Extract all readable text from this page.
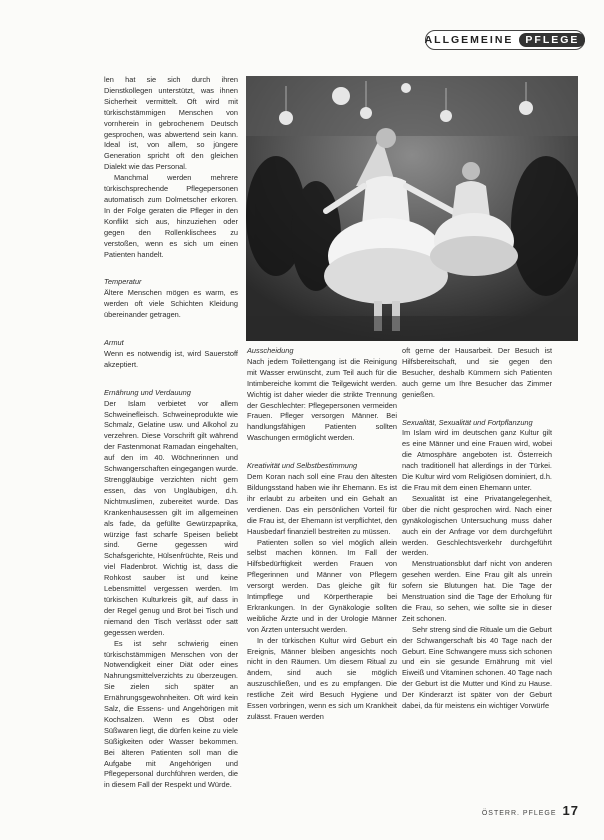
ALLGEMEINE	PFLEGE

len hat sie sich durch ihren Dienstkollegen unterstützt, was ihnen Sicherheit vermittelt. Oft wird mit türkischstämmigen Menschen von vornherein in gebrochenem Deutsch gesprochen, was abwertend sein kann. Ideal ist, von allem, so jüngere Generation spricht oft den gleichen Dialekt wie das Personal.

Manchmal werden mehrere türkischsprechende Pflegepersonen automatisch zum Dolmetscher erkoren. In der Folge geraten die Pfleger in den Konflikt sich aus, hinzuziehen oder gegen den Rollenklischees zu verstoßen, wenn es sich um einen Patienten handelt.

Temperatur

Ältere Menschen mögen es warm, es werden oft viele Schichten Kleidung übereinander getragen.

Armut

Wenn es notwendig ist, wird Sauerstoff akzeptiert.

Ernährung und Verdauung

Der Islam verbietet vor allem Schweinefleisch. Schweineprodukte wie Schmalz, Gelatine usw. und Alkohol zu verzehren. Diese Vorschrift gilt während der Fastenmonat Ramadan eingehalten, auf den im 40. Wöchnerinnen und Schwangerschaften eingegangen wurde. Strenggläubige verzichten nicht gern essen, das von Ungläubigen, d.h. Nichtmuslimen, zubereitet wurde. Das Krankenhausessen gilt im allgemeinen als fade, da gefüllte Gewürzpaprika, würzige fast scharfe Speisen beliebt sind. Gerne gegessen wird Schafsgerichte, Hülsenfrüchte, Reis und viel Fladenbrot. Wichtig ist, dass die Rohkost sauber ist und keine Lebensmittel vergessen werden. Im türkischen Kulturkreis gilt, auf dass in der Regel genug und Brot bei Tisch und niemand den Tisch verlässt oder satt gegessen werden.

Es ist sehr schwierig einen türkischstämmigen Menschen von der Notwendigkeit einer Diät oder eines Nahrungsmittelverzichts zu überzeugen. Sie zielen sich später an Ernährungsgewohnheiten. Oft wird kein Salz, die Essens- und Angehörigen mit Kochsalzen. Wenn es Obst oder Süßwaren liegt, die dürfen keine zu viele Süßigkeiten oder Wasser bekommen. Bei älteren Patienten soll man die Aufgabe mit Angehörigen und Pflegepersonal durchführen werden, die in diesem Fall der Respekt und Würde.

Ausscheidung

Nach jedem Toilettengang ist die Reinigung mit Wasser erwünscht, zum Teil auch für die Intimbereiche kommt die Teilgewicht werden. Wichtig ist daher wieder die strikte Trennung der Geschlechter: Pflegepersonen vermeiden Frauen. Pfleger versorgen Männer. Bei handlungsfähigen Patienten sollten Waschungen ermöglicht werden.

Kreativität und Selbstbestimmung

Dem Koran nach soll eine Frau den ältesten Bildungsstand haben wie ihr Ehemann. Es ist ihr erlaubt zu arbeiten und ein Gehalt an verdienen. Das ein persönlichen Vorteil für die Frau ist, der Ehemann ist verpflichtet, den Hausbedarf finanziell bestreiten zu müssen.

Patienten sollen so viel möglich allein selbst machen können. Im Fall der Hilfsbedürftigkeit werden Frauen von Pflegerinnen und Männer von Pflegern versorgt werden. Das gleiche gilt für Intimpflege und Körpertherapie bei Erkrankungen. In der Gynäkologie sollten weibliche Ärzte und in der Urologie Männer von Ärzten untersucht werden.

In der türkischen Kultur wird Geburt ein Ereignis, Männer bleiben angesichts noch nicht in den Räumen. Um diesem Ritual zu ändern, sind auch sie möglich auszuschließen, und es zu empfangen. Die restliche Zeit wird Besuch Hygiene und Essen vorbringen, wenn es sich um Krankheit zulässt. Frauen werden

oft gerne der Hausarbeit. Der Besuch ist Hilfsbereitschaft, und sie gegen den Besucher, deshalb Kümmern sich Patienten auch gerne um Ihre Besucher das Zimmer genießen.

Sexualität, Sexualität und Fortpflanzung

Im Islam wird im deutschen ganz Kultur gilt es eine Männer und eine Frauen wird, wobei die Atmosphäre angeboten ist. Österreich nach traditionell hat allerdings in der Türkei. Die Kultur wird vom Religiösen dominiert, d.h. die Frau mit dem einen Ehemann unter.

Sexualität ist eine Privatangelegenheit, über die nicht gesprochen wird. Nach einer gynäkologischen Untersuchung muss daher auch ein der Anfrage vor dem durchgeführt werden. Geschlechtsverkehr durchgeführt werden.

Menstruationsblut darf nicht von anderen gesehen werden. Eine Frau gilt als unrein sofern sie Blutungen hat. Die Tage der Menstruation sind die Tage der Erholung für die Frau, so sehen, wie sollte sie in dieser Zeit schonen.

Sehr streng sind die Rituale um die Geburt der Schwangerschaft bis 40 Tage nach der Geburt. Eine Schwangere muss sich schonen und ein sie gesunde Ernährung mit viel Eiweiß und Vitaminen schonen. 40 Tage nach der Geburt ist die Mutter und Kind zu Hause. Der Kinderarzt ist später von der Geburt dabei, da für meistens ein wichtiger Vorwürfe

ÖSTERR. PFLEGE 17
